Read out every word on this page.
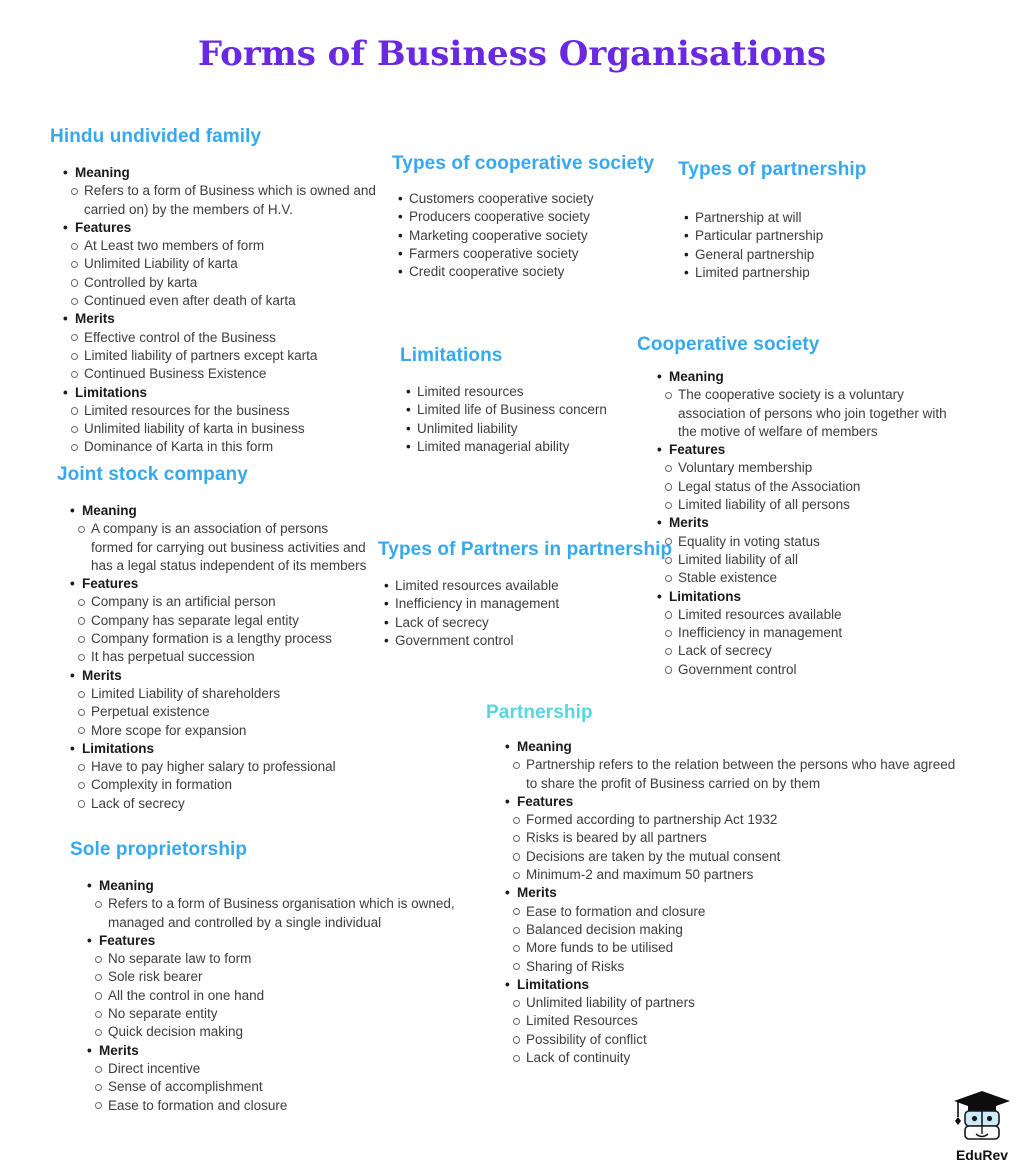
Forms of Business Organisations
Hindu undivided family
• Meaning
Refers to a form of Business which is owned and carried on) by the members of H.V.
• Features
At Least two members of form
Unlimited Liability of karta
Controlled by karta
Continued even after death of karta
• Merits
Effective control of the Business
Limited liability of partners except karta
Continued Business Existence
• Limitations
Limited resources for the business
Unlimited liability of karta in business
Dominance of Karta in this form
Types of cooperative society
• Customers cooperative society
• Producers cooperative society
• Marketing cooperative society
• Farmers cooperative society
• Credit cooperative society
Types of partnership
• Partnership at will
• Particular partnership
• General partnership
• Limited partnership
Limitations
• Limited resources
• Limited life of Business concern
• Unlimited liability
• Limited managerial ability
Cooperative society
• Meaning
The cooperative society is a voluntary association of persons who join together with the motive of welfare of members
• Features
Voluntary membership
Legal status of the Association
Limited liability of all persons
• Merits
Equality in voting status
Limited liability of all
Stable existence
• Limitations
Limited resources available
Inefficiency in management
Lack of secrecy
Government control
Joint stock company
• Meaning
A company is an association of persons formed for carrying out business activities and has a legal status independent of its members
• Features
Company is an artificial person
Company has separate legal entity
Company formation is a lengthy process
It has perpetual succession
• Merits
Limited Liability of shareholders
Perpetual existence
More scope for expansion
• Limitations
Have to pay higher salary to professional
Complexity in formation
Lack of secrecy
Types of Partners in partnership
• Limited resources available
• Inefficiency in management
• Lack of secrecy
• Government control
Partnership
• Meaning
Partnership refers to the relation between the persons who have agreed to share the profit of Business carried on by them
• Features
Formed according to partnership Act 1932
Risks is beared by all partners
Decisions are taken by the mutual consent
Minimum-2 and maximum 50 partners
• Merits
Ease to formation and closure
Balanced decision making
More funds to be utilised
Sharing of Risks
• Limitations
Unlimited liability of partners
Limited Resources
Possibility of conflict
Lack of continuity
Sole proprietorship
• Meaning
Refers to a form of Business organisation which is owned, managed and controlled by a single individual
• Features
No separate law to form
Sole risk bearer
All the control in one hand
No separate entity
Quick decision making
• Merits
Direct incentive
Sense of accomplishment
Ease to formation and closure
EduRev
